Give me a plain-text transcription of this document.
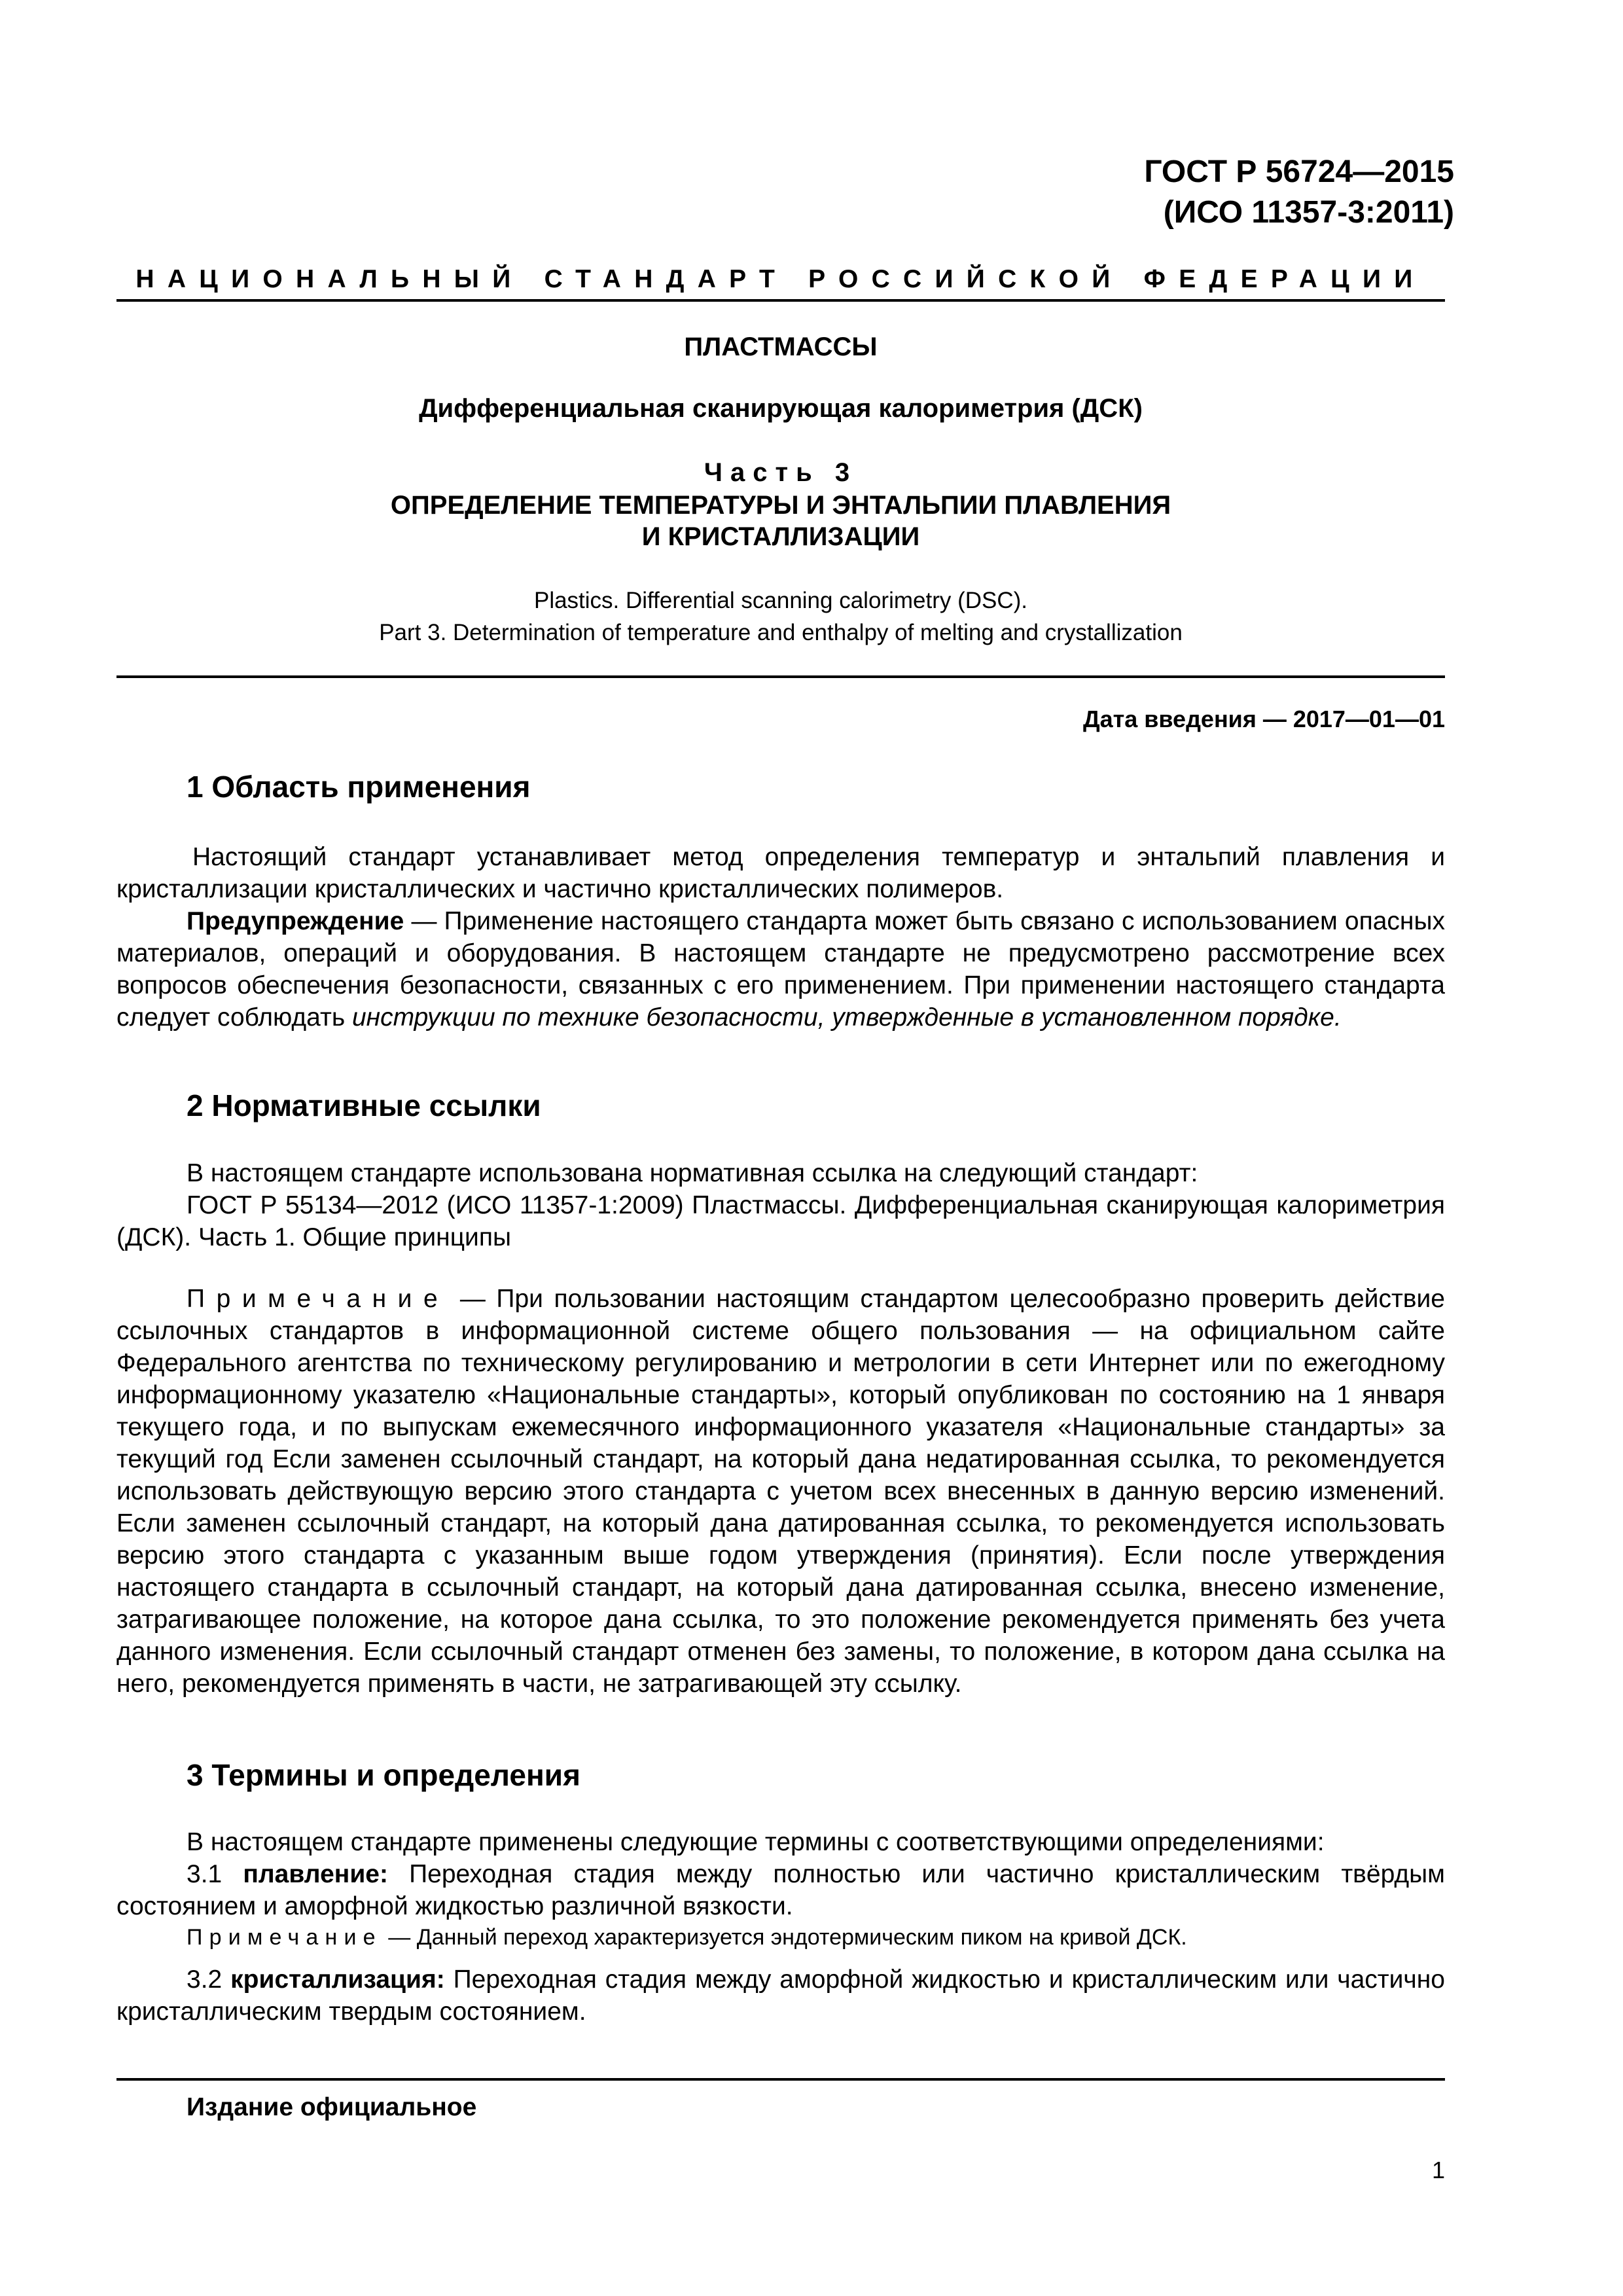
ГОСТ Р 56724—2015
(ИСО 11357-3:2011)
НАЦИОНАЛЬНЫЙ СТАНДАРТ РОССИЙСКОЙ ФЕДЕРАЦИИ
ПЛАСТМАССЫ
Дифференциальная сканирующая калориметрия (ДСК)
Часть 3
ОПРЕДЕЛЕНИЕ ТЕМПЕРАТУРЫ И ЭНТАЛЬПИИ ПЛАВЛЕНИЯ
И КРИСТАЛЛИЗАЦИИ
Plastics. Differential scanning calorimetry (DSC).
Part 3. Determination of temperature and enthalpy of melting and crystallization
Дата введения — 2017—01—01
1 Область применения

Настоящий стандарт устанавливает метод определения температур и энтальпий плавления и кристаллизации кристаллических и частично кристаллических полимеров.

Предупреждение — Применение настоящего стандарта может быть связано с использованием опасных материалов, операций и оборудования. В настоящем стандарте не предусмотрено рассмотрение всех вопросов обеспечения безопасности, связанных с его применением. При применении настоящего стандарта следует соблюдать инструкции по технике безопасности, утвержденные в установленном порядке.

2 Нормативные ссылки

В настоящем стандарте использована нормативная ссылка на следующий стандарт:

ГОСТ Р 55134—2012 (ИСО 11357-1:2009) Пластмассы. Дифференциальная сканирующая калориметрия (ДСК). Часть 1. Общие принципы

Примечание — При пользовании настоящим стандартом целесообразно проверить действие ссылочных стандартов в информационной системе общего пользования — на официальном сайте Федерального агентства по техническому регулированию и метрологии в сети Интернет или по ежегодному информационному указателю «Национальные стандарты», который опубликован по состоянию на 1 января текущего года, и по выпускам ежемесячного информационного указателя «Национальные стандарты» за текущий год Если заменен ссылочный стандарт, на который дана недатированная ссылка, то рекомендуется использовать действующую версию этого стандарта с учетом всех внесенных в данную версию изменений. Если заменен ссылочный стандарт, на который дана датированная ссылка, то рекомендуется использовать версию этого стандарта с указанным выше годом утверждения (принятия). Если после утверждения настоящего стандарта в ссылочный стандарт, на который дана датированная ссылка, внесено изменение, затрагивающее положение, на которое дана ссылка, то это положение рекомендуется применять без учета данного изменения. Если ссылочный стандарт отменен без замены, то положение, в котором дана ссылка на него, рекомендуется применять в части, не затрагивающей эту ссылку.

3 Термины и определения

В настоящем стандарте применены следующие термины с соответствующими определениями:

3.1 плавление: Переходная стадия между полностью или частично кристаллическим твёрдым состоянием и аморфной жидкостью различной вязкости.

Примечание — Данный переход характеризуется эндотермическим пиком на кривой ДСК.

3.2 кристаллизация: Переходная стадия между аморфной жидкостью и кристаллическим или частично кристаллическим твердым состоянием.

Издание официальное
1
